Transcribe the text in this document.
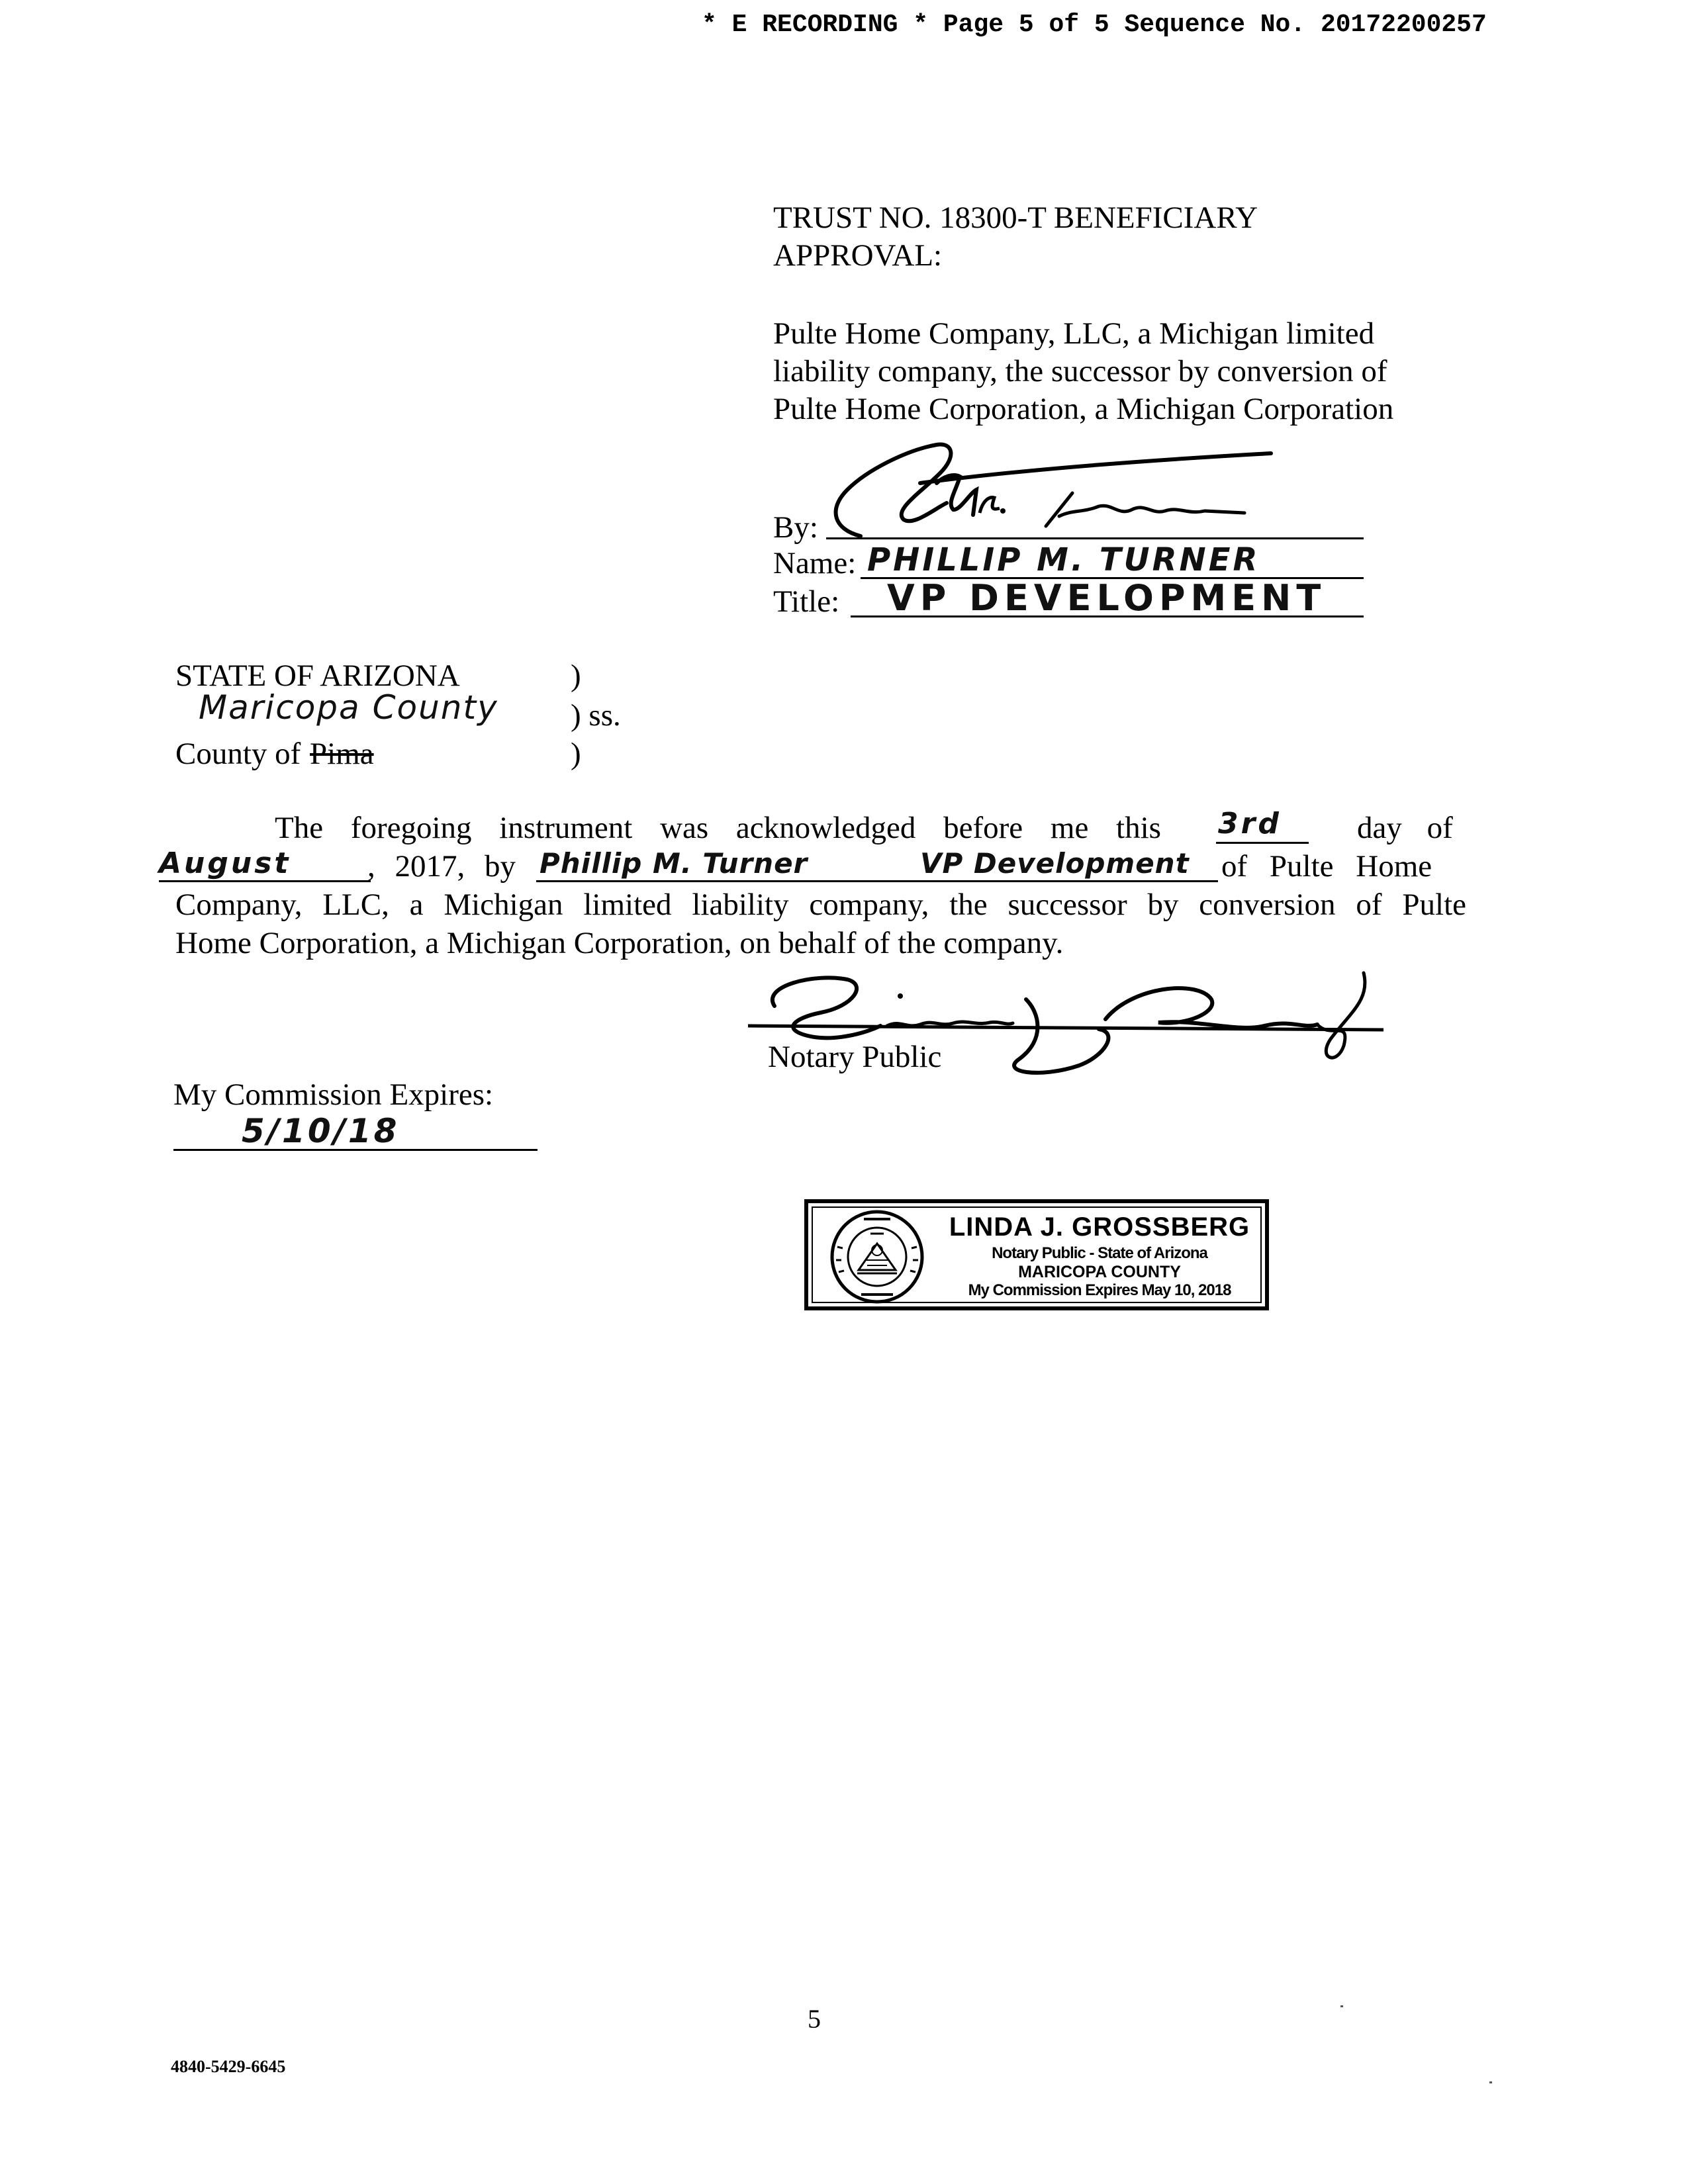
* E RECORDING * Page 5 of 5 Sequence No. 20172200257
TRUST NO. 18300-T BENEFICIARY
APPROVAL:
Pulte Home Company, LLC, a Michigan limited
liability company, the successor by conversion of
Pulte Home Corporation, a Michigan Corporation
By:
Name: PHILLIP M. TURNER
Title: VP DEVELOPMENT
STATE OF ARIZONA	)
Maricopa County ) ss.
County of Pima	)
The foregoing instrument was acknowledged before me this 3rd day of
August , 2017, by Phillip M. Turner	VP Development of Pulte Home
Company, LLC, a Michigan limited liability company, the successor by conversion of Pulte
Home Corporation, a Michigan Corporation, on behalf of the company.
Notary Public
My Commission Expires:
5/10/18
LINDA J. GROSSBERG
Notary Public - State of Arizona
MARICOPA COUNTY
My Commission Expires May 10, 2018
5
4840-5429-6645
